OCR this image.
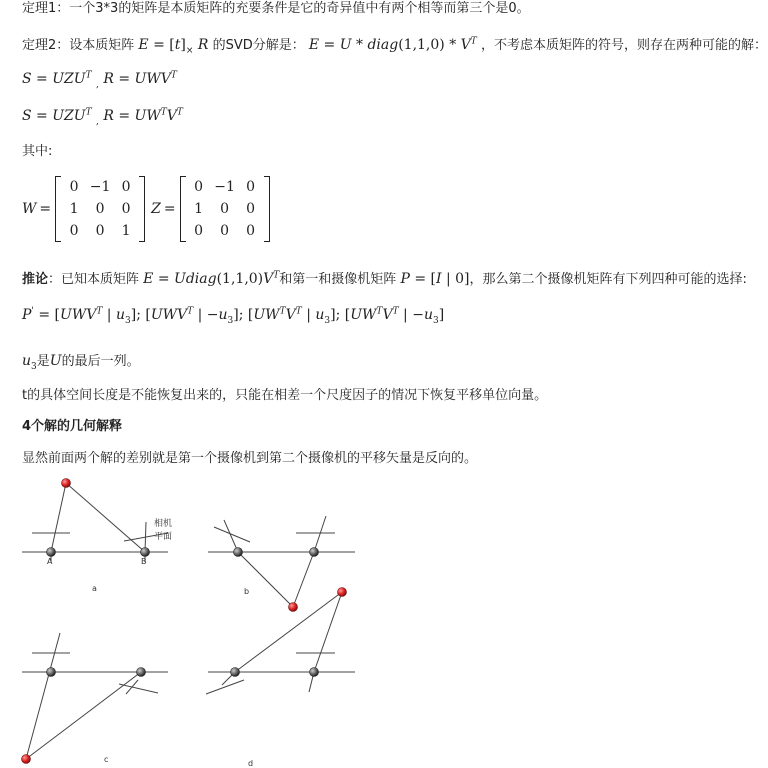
定理1：一个3*3的矩阵是本质矩阵的充要条件是它的奇异值中有两个相等而第三个是0。
定理2：设本质矩阵 $E = [t]_\times$ R 的SVD分解是： E = U * diag(1,1,0) * $V^T$ ，不考虑本质矩阵的符号，则存在两种可能的解：
$S = UZU^T$ $_,$ $R = UWV^T$
$S = UZU^T$ $_,$ $R = UW^TV^T$
其中:
W =
0	−1	0
1	0	0
0	0	1
Z =
0	−1	0
1	0	0
0	0	0
推论：已知本质矩阵 $E = Udiag(1,1,0)V^T$和第一和摄像机矩阵 P = [I | 0]，那么第二个摄像机矩阵有下列四种可能的选择:
$P' = [UWV^T$ | $u_3$]; [$UWV^T$ | $-u_3$]; [$UW^TV^T$ | $u_3$]; [$UW^TV^T$ | $-u_3$]
$u_3$是U的最后一列。
t的具体空间长度是不能恢复出来的，只能在相差一个尺度因子的情况下恢复平移单位向量。
4个解的几何解释
显然前面两个解的差别就是第一个摄像机到第二个摄像机的平移矢量是反向的。
A	B
a	b
c	d
相机
平面
